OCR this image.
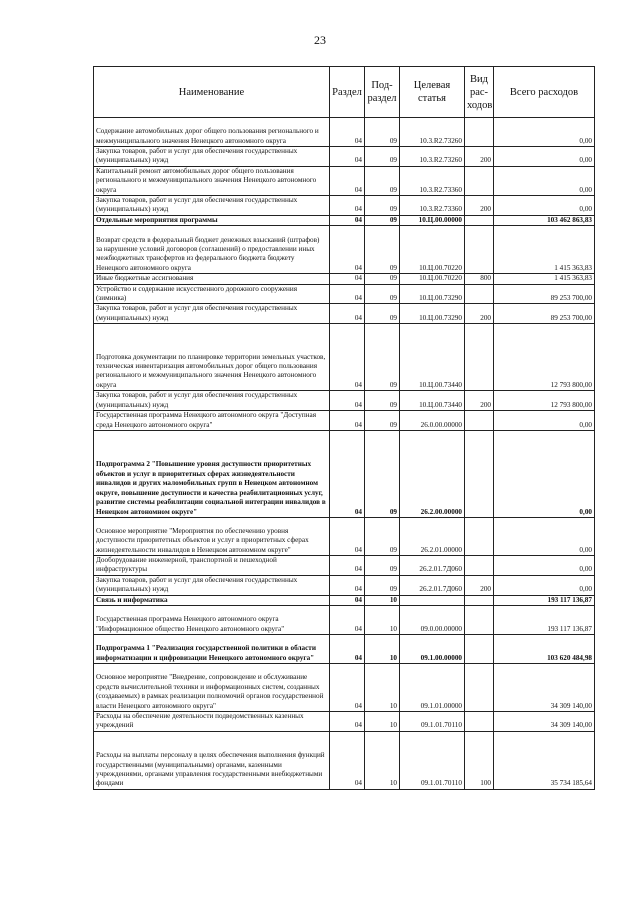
23
Наименование	Раздел	Под-раздел	Целевая статья	Вид рас-ходов	Всего расходов
Содержание автомобильных дорог общего пользования регионального и межмуниципального значения Ненецкого автономного округа	04	09	10.3.R2.73260		0,00
Закупка товаров, работ и услуг для обеспечения государственных (муниципальных) нужд	04	09	10.3.R2.73260	200	0,00
Капитальный ремонт автомобильных дорог общего пользования регионального и межмуниципального значения Ненецкого автономного округа	04	09	10.3.R2.73360		0,00
Закупка товаров, работ и услуг для обеспечения государственных (муниципальных) нужд	04	09	10.3.R2.73360	200	0,00
Отдельные мероприятия программы	04	09	10.Ц.00.00000		103 462 863,83
Возврат средств в федеральный бюджет денежных взысканий (штрафов) за нарушение условий договоров (соглашений) о предоставлении иных межбюджетных трансфертов из федерального бюджета бюджету Ненецкого автономного округа	04	09	10.Ц.00.70220		1 415 363,83
Иные бюджетные ассигнования	04	09	10.Ц.00.70220	800	1 415 363,83
Устройство и содержание искусственного дорожного сооружения (зимника)	04	09	10.Ц.00.73290		89 253 700,00
Закупка товаров, работ и услуг для обеспечения государственных (муниципальных) нужд	04	09	10.Ц.00.73290	200	89 253 700,00
Подготовка документации по планировке территории земельных участков, техническая инвентаризация автомобильных дорог общего пользования регионального и межмуниципального значения Ненецкого автономного округа	04	09	10.Ц.00.73440		12 793 800,00
Закупка товаров, работ и услуг для обеспечения государственных (муниципальных) нужд	04	09	10.Ц.00.73440	200	12 793 800,00
Государственная программа Ненецкого автономного округа "Доступная среда Ненецкого автономного округа"	04	09	26.0.00.00000		0,00
Подпрограмма 2 "Повышение уровня доступности приоритетных объектов и услуг в приоритетных сферах жизнедеятельности инвалидов и других маломобильных групп в Ненецком автономном округе, повышение доступности и качества реабилитационных услуг, развитие системы реабилитации социальной интеграции инвалидов в Ненецком автономном округе"	04	09	26.2.00.00000		0,00
Основное мероприятие "Мероприятия по обеспечению уровня доступности приоритетных объектов и услуг в приоритетных сферах жизнедеятельности инвалидов в Ненецком автономном округе"	04	09	26.2.01.00000		0,00
Дооборудование инженерной, транспортной и пешеходной инфраструктуры	04	09	26.2.01.7Д060		0,00
Закупка товаров, работ и услуг для обеспечения государственных (муниципальных) нужд	04	09	26.2.01.7Д060	200	0,00
Связь и информатика	04	10			193 117 136,87
Государственная программа Ненецкого автономного округа "Информационное общество Ненецкого автономного округа"	04	10	09.0.00.00000		193 117 136,87
Подпрограмма 1 "Реализация государственной политики в области информатизации и цифровизации Ненецкого автономного округа"	04	10	09.1.00.00000		103 620 484,98
Основное мероприятие "Внедрение, сопровождение и обслуживание средств вычислительной техники и информационных систем, созданных (создаваемых) в рамках реализации полномочий органов государственной власти Ненецкого автономного округа"	04	10	09.1.01.00000		34 309 140,00
Расходы на обеспечение деятельности подведомственных казенных учреждений	04	10	09.1.01.70110		34 309 140,00
Расходы на выплаты персоналу в целях обеспечения выполнения функций государственными (муниципальными) органами, казенными учреждениями, органами управления государственными внебюджетными фондами	04	10	09.1.01.70110	100	35 734 185,64
